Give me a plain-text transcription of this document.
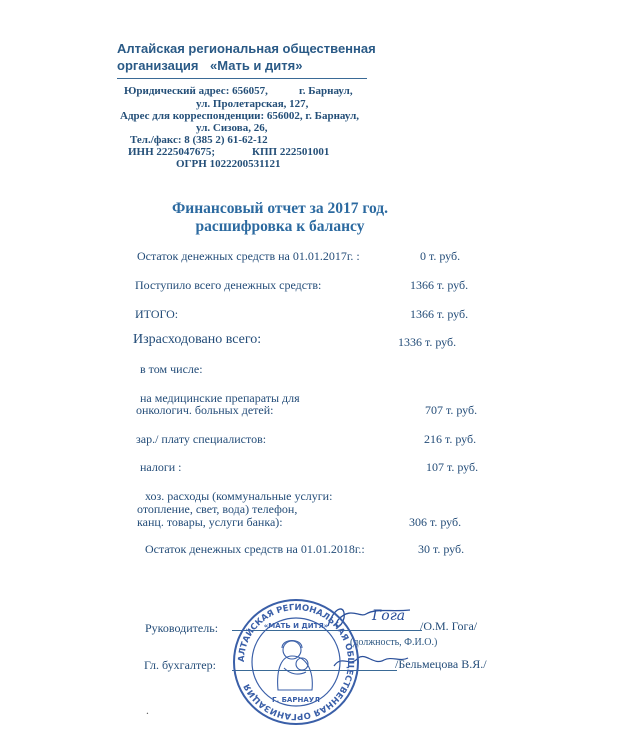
Алтайская региональная общественная
организация «Мать и дитя»
Юридический адрес: 656057,	г. Барнаул,
ул. Пролетарская, 127,
Адрес для корреспонденции: 656002, г. Барнаул,
ул. Сизова, 26,
Тел./факс: 8 (385 2) 61-62-12
ИНН 2225047675;	КПП 222501001
ОГРН 1022200531121
Финансовый отчет за 2017 год.
расшифровка к балансу
Остаток денежных средств на 01.01.2017г. :	0 т. руб.
Поступило всего денежных средств:	1366 т. руб.
ИТОГО:	1366 т. руб.
Израсходовано всего:	1336 т. руб.
в том числе:
на медицинские препараты для
онкологич. больных детей:	707 т. руб.
зар./ плату специалистов:	216 т. руб.
налоги :	107 т. руб.
хоз. расходы (коммунальные услуги:
отопление, свет, вода) телефон,
канц. товары, услуги банка):	306 т. руб.
Остаток денежных средств на 01.01.2018г.:	30 т. руб.
Руководитель:	/О.М. Гога/
(должность, Ф.И.О.)
Гл. бухгалтер:	/Бельмецова В.Я./
Гога
АЛТАЙСКАЯ РЕГИОНАЛЬНАЯ ОБЩЕСТВЕННАЯ ОРГАНИЗАЦИЯ
«МАТЬ И ДИТЯ»
Г. БАРНАУЛ
.
